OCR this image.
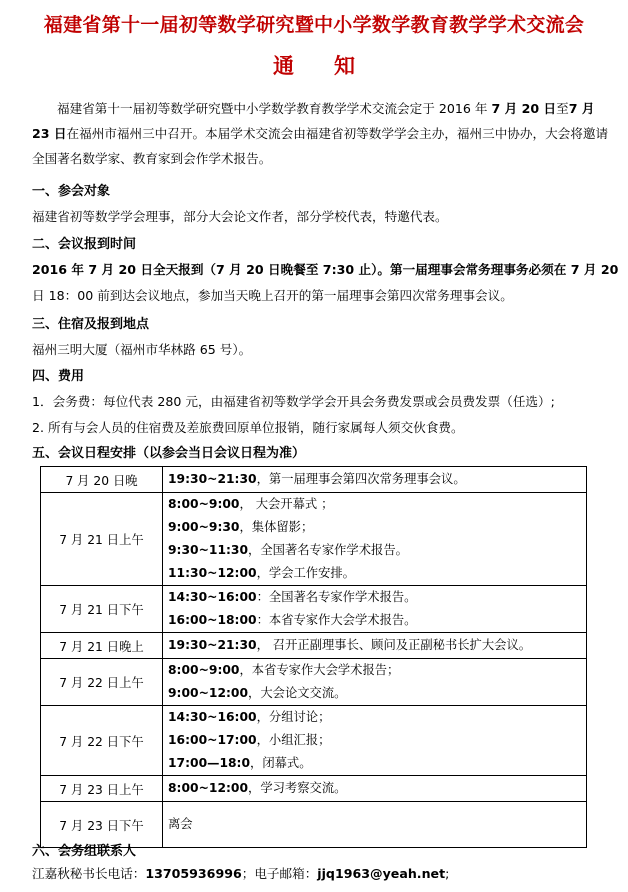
福建省第十一届初等数学研究暨中小学数学教育教学学术交流会
通知
福建省第十一届初等数学研究暨中小学数学教育教学学术交流会定于 2016 年 7 月 20 日至7 月 23 日在福州市福州三中召开。本届学术交流会由福建省初等数学学会主办，福州三中协办，大会将邀请全国著名数学家、教育家到会作学术报告。
一、参会对象
福建省初等数学学会理事，部分大会论文作者，部分学校代表，特邀代表。
二、会议报到时间
2016 年 7 月 20 日全天报到（7 月 20 日晚餐至 7:30 止）。第一届理事会常务理事务必须在 7 月 20
日 18：00 前到达会议地点，参加当天晚上召开的第一届理事会第四次常务理事会议。
三、住宿及报到地点
福州三明大厦（福州市华林路 65 号）。
四、费用
1．会务费：每位代表 280 元，由福建省初等数学学会开具会务费发票或会员费发票（任选）;
2. 所有与会人员的住宿费及差旅费回原单位报销，随行家属每人须交伙食费。
五、会议日程安排（以参会当日会议日程为准）
7 月 20 日晚	19:30~21:30，第一届理事会第四次常务理事会议。

7 月 21 日上午	8:00~9:00， 大会开幕式 ；
9:00~9:30，集体留影；
9:30~11:30，全国著名专家作学术报告。
11:30~12:00，学会工作安排。

7 月 21 日下午	14:30~16:00：全国著名专家作学术报告。
16:00~18:00：本省专家作大会学术报告。

7 月 21 日晚上	19:30~21:30， 召开正副理事长、顾问及正副秘书长扩大会议。

7 月 22 日上午	8:00~9:00，本省专家作大会学术报告；
9:00~12:00，大会论文交流。

7 月 22 日下午	14:30~16:00，分组讨论；
16:00~17:00，小组汇报；
17:00—18:0，闭幕式。

7 月 23 日上午	8:00~12:00，学习考察交流。

7 月 23 日下午	离会
六、会务组联系人
江嘉秋秘书长电话：13705936996；电子邮箱：jjq1963@yeah.net;
